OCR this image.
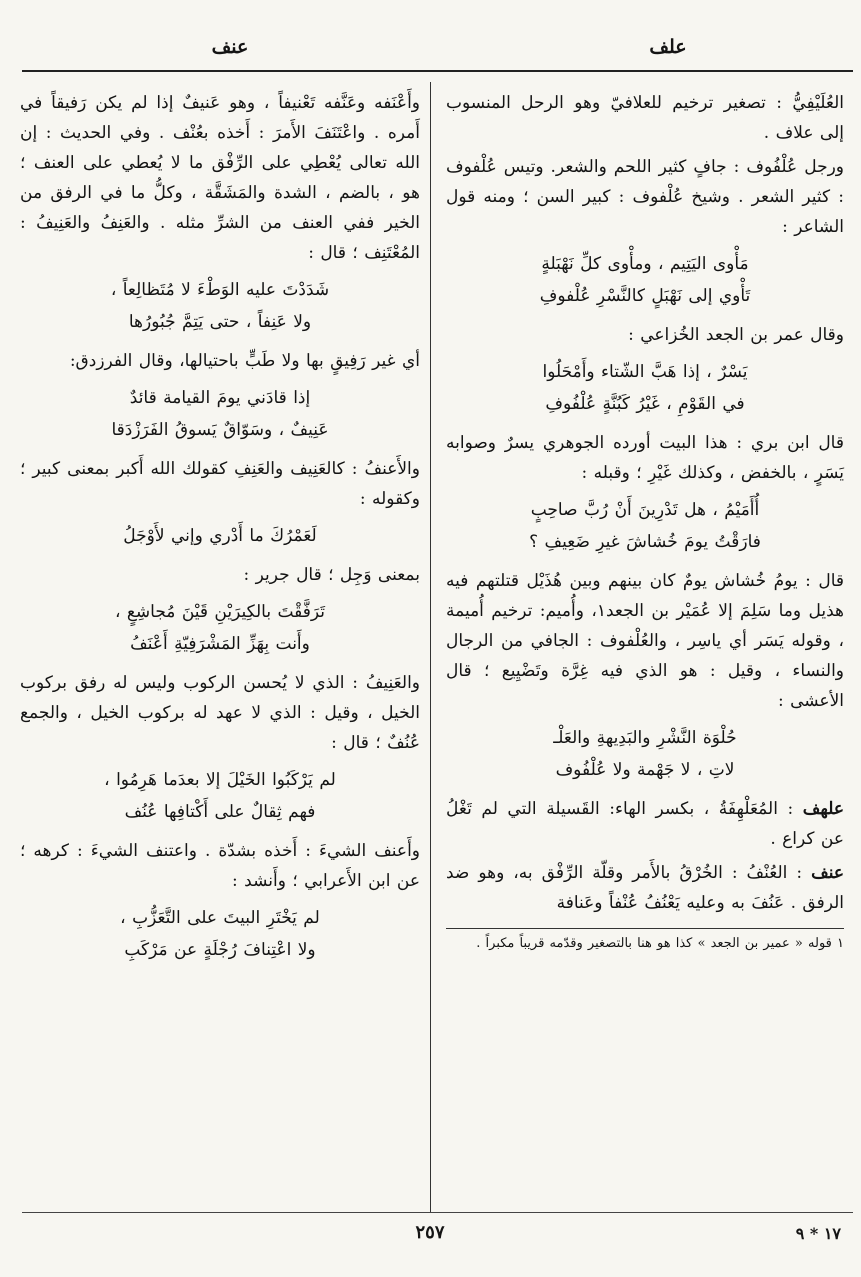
علف
عنف

العُلَيْفِيُّ : تصغير ترخيم للعلافيّ وهو الرحل المنسوب إلى علاف .

ورجل عُلْفُوف : جافٍ كثير اللحم والشعر. وتيس عُلْفوف : كثير الشعر . وشيخ عُلْفوف : كبير السن ؛ ومنه قول الشاعر :

مَأْوى اليَتِيم ، ومأْوى كلِّ نَهْبَلةٍ
تَأْوي إلى نَهْبَلٍ كالنَّسْرِ عُلْفوفِ

وقال عمر بن الجعد الخُزاعي :

يَسْرٌ ، إذا هَبَّ الشّتاء وأَمْحَلُوا
في القَوْمِ ، غَيْرُ كَبُنَّةٍ عُلْفُوفِ

قال ابن بري : هذا البيت أورده الجوهري يسرٌ وصوابه يَسَرٍ ، بالخفض ، وكذلك غَيْرِ ؛ وقبله :

أُأَمَيْمُ ، هل تَدْرِينَ أَنْ رُبَّ صاحِبٍ
فارَقْتُ يومَ خُشاشَ غيرِ ضَعِيفِ ؟

قال : يومُ خُشاش يومٌ كان بينهم وبين هُذَيْل قتلتهم فيه هذيل وما سَلِمَ إلا عُمَيْر بن الجعد١، وأُميم: ترخيم أُميمة ، وقوله يَسَر أي ياسِر ، والعُلْفوف : الجافي من الرجال والنساء ، وقيل : هو الذي فيه غِرَّة وتَضْيِيع ؛ قال الأعشى :

حُلْوَة النَّشْرِ والبَدِيهةِ والعَلْـ
لاتِ ، لا جَهْمة ولا عُلْفُوف

علهف : المُعَلْهِفَةُ ، بكسر الهاء: القَسيلة التي لم تَغْلُ عن كراع .

عنف : العُنْفُ : الخُرْقُ بالأَمر وقلّة الرِّفْق به، وهو ضد الرفق . عَنُفَ به وعليه يَعْنُفُ عُنْفاً وعَنافة

١ قوله « عمير بن الجعد » كذا هو هنا بالتصغير وقدّمه قريباً مكبراً .

وأَعْنَفه وعَنَّفه تَعْنيفاً ، وهو عَنيفٌ إذا لم يكن رَفيقاً في أَمره . واعْتَنَفَ الأَمرَ : أَخذه بعُنْف . وفي الحديث : إن الله تعالى يُعْطِي على الرِّفْق ما لا يُعطي على العنف ؛ هو ، بالضم ، الشدة والمَشَقَّة ، وكلُّ ما في الرفق من الخير ففي العنف من الشرِّ مثله . والعَنِفُ والعَنِيفُ : المُعْتَنِف ؛ قال :

شَدَدْتَ عليه الوَطْءَ لا مُتَظالِعاً ،
ولا عَنِفاً ، حتى يَتِمَّ جُبُورُها

أي غير رَفِيقٍ بها ولا طَبٍّ باحتيالها، وقال الفرزدق:

إذا قادَني يومَ القيامة قائدٌ
عَنِيفٌ ، وسَوّاقٌ يَسوقُ الفَرَزْدَقا

والأَعنفُ : كالعَنِيف والعَنِفِ كقولك الله أَكبر بمعنى كبير ؛ وكقوله :

لَعَمْرُكَ ما أَدْري وإني لأَوْجَلُ

بمعنى وَجِل ؛ قال جرير :

تَرَفَّقْتَ بالكِيرَيْنِ قَيْنَ مُجاشِعٍ ،
وأَنت بِهَزِّ المَشْرَفِيّةِ أَعْنَفُ

والعَنِيفُ : الذي لا يُحسن الركوب وليس له رفق بركوب الخيل ، وقيل : الذي لا عهد له بركوب الخيل ، والجمع عُنُفٌ ؛ قال :

لم يَرْكَبُوا الخَيْلَ إلا بعدَما هَرِمُوا ،
فهم ثِقالٌ على أَكْتافِها عُنُف

وأَعنف الشيءَ : أَخذه بشدّة . واعتنف الشيءَ : كرهه ؛ عن ابن الأَعرابي ؛ وأَنشد :

لم يَخْتَرِ البيتَ على التَّعَزُّبِ ،
ولا اعْتِنافَ رُجْلَةٍ عن مَرْكَبِ
٢٥٧	١٧ * ٩
